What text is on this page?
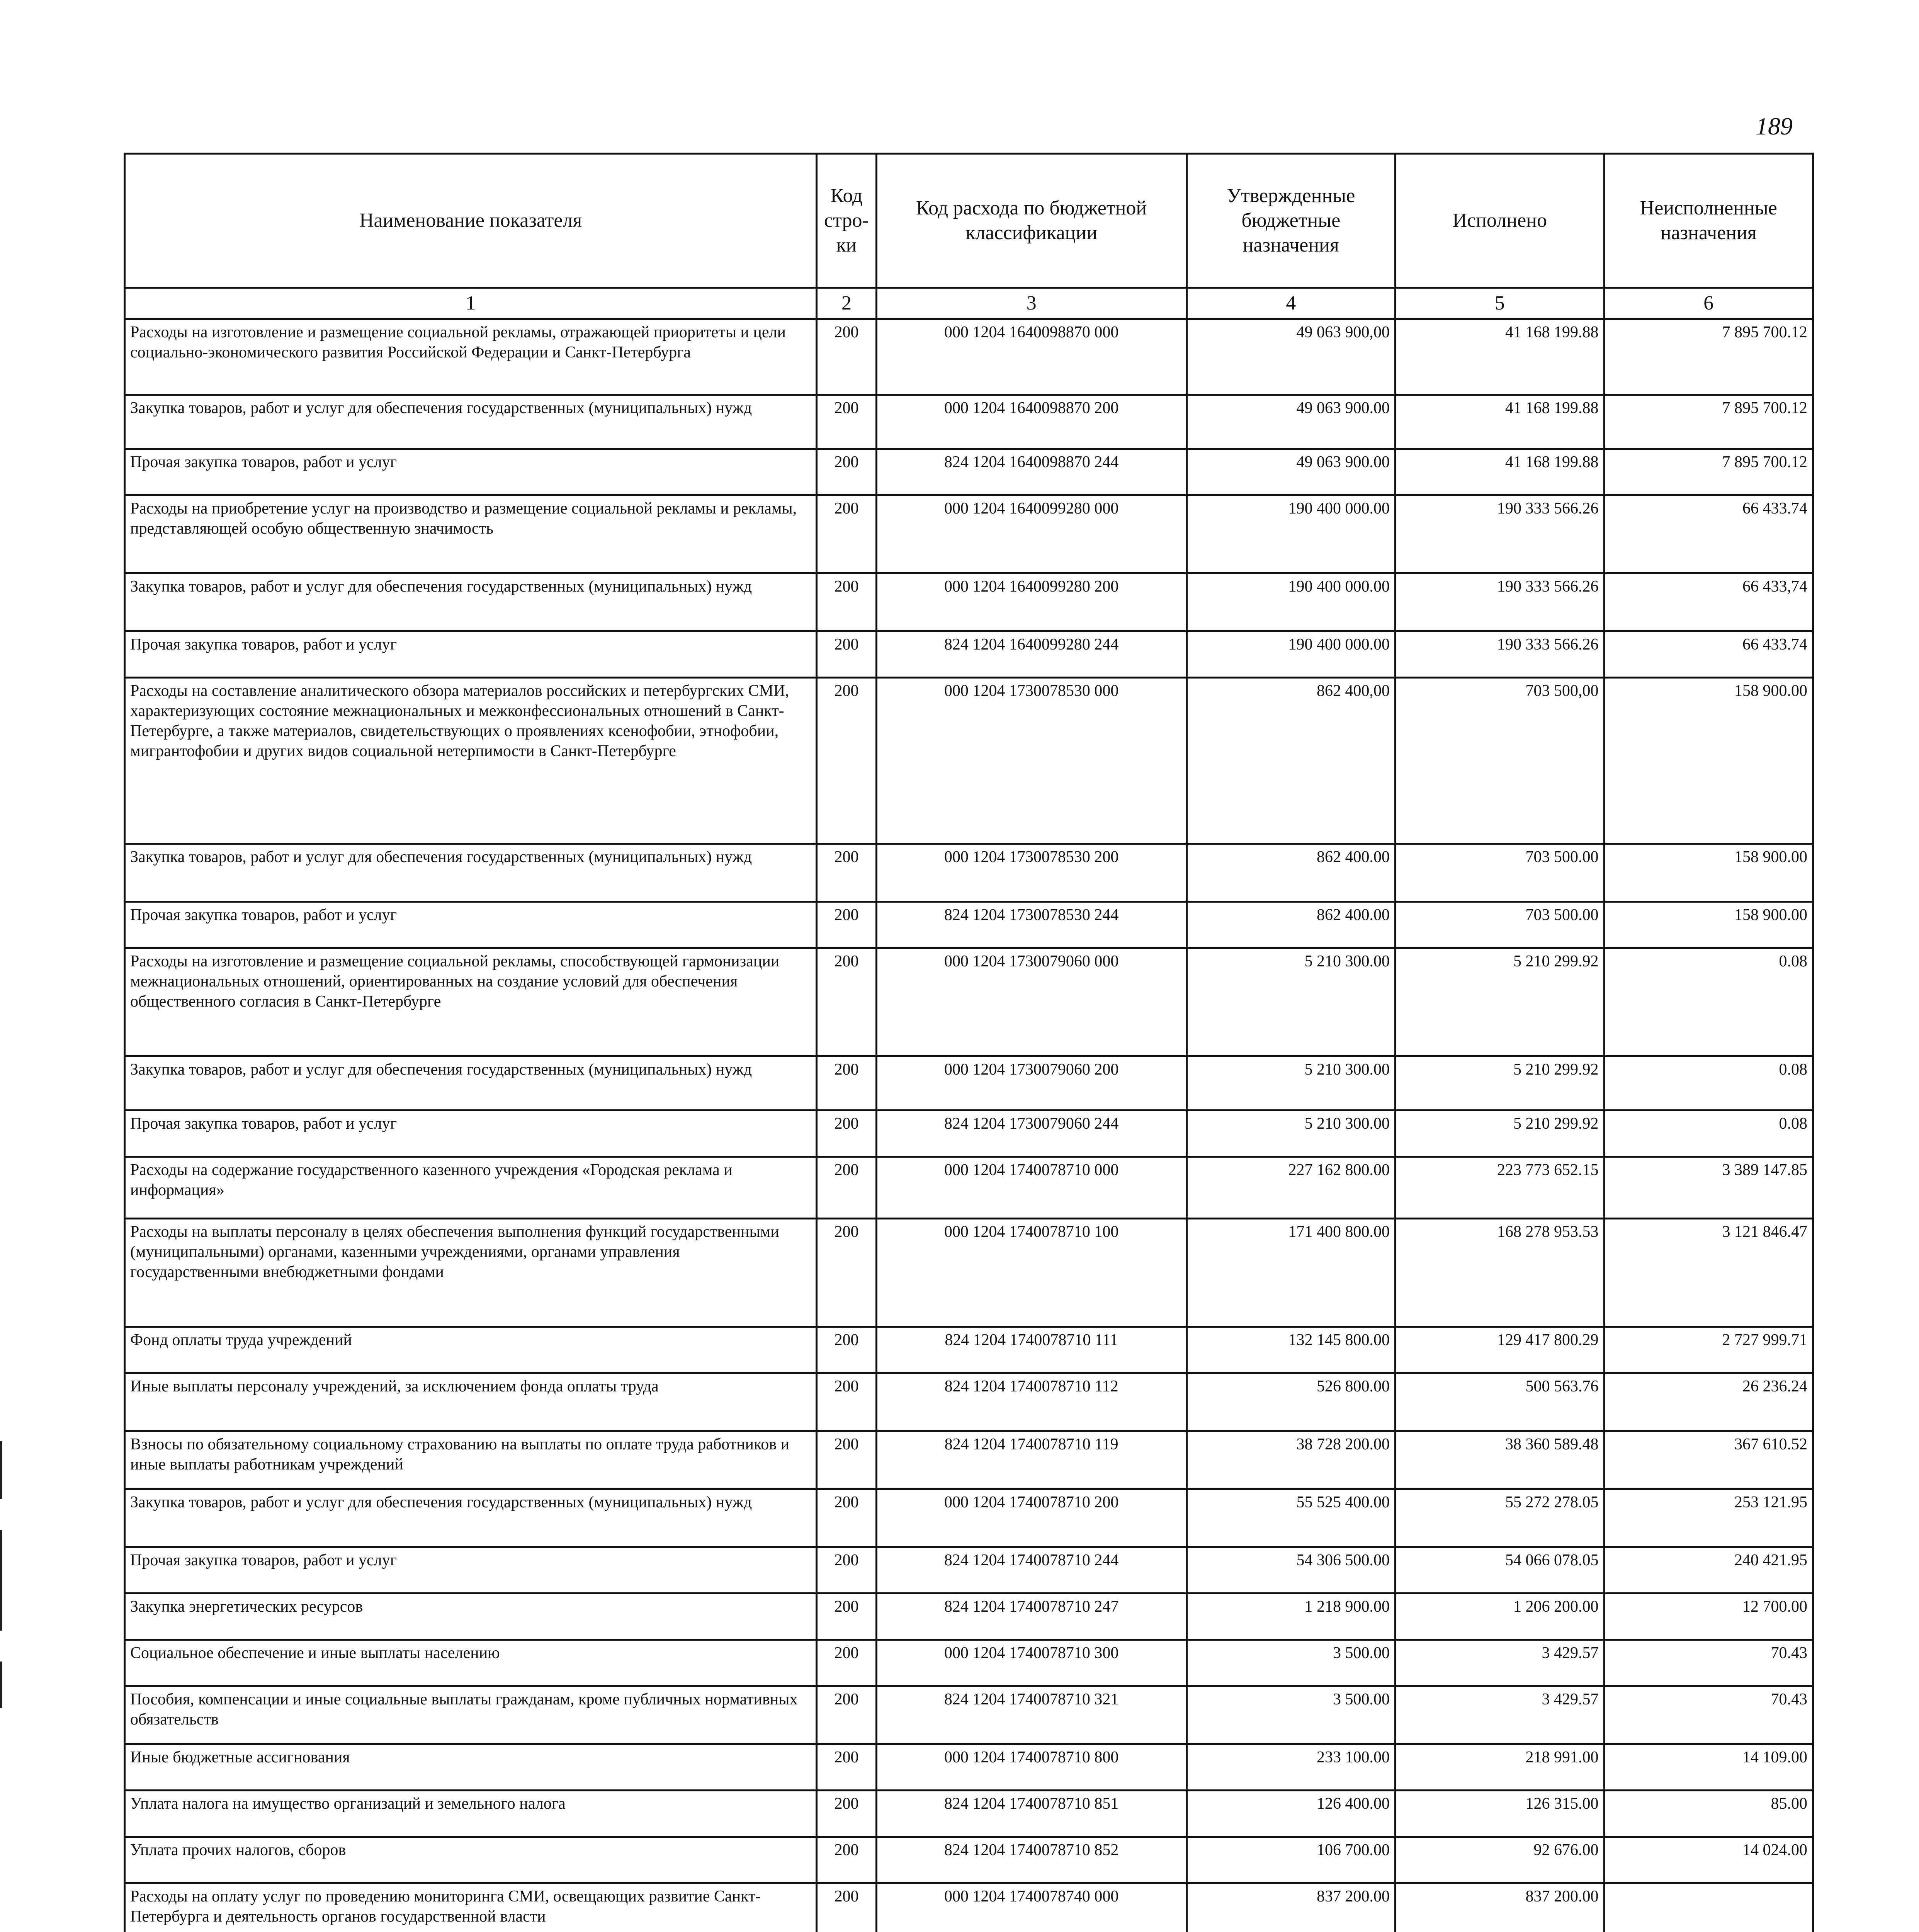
189
Наименование показателя	Код стро-ки	Код расхода по бюджетной классификации	Утвержденные бюджетные назначения	Исполнено	Неисполненные назначения
1	2	3	4	5	6
Расходы на изготовление и размещение социальной рекламы, отражающей приоритеты и цели социально-экономического развития Российской Федерации и Санкт-Петербурга	200	000 1204 1640098870 000	49 063 900,00	41 168 199.88	7 895 700.12
Закупка товаров, работ и услуг для обеспечения государственных (муниципальных) нужд	200	000 1204 1640098870 200	49 063 900.00	41 168 199.88	7 895 700.12
Прочая закупка товаров, работ и услуг	200	824 1204 1640098870 244	49 063 900.00	41 168 199.88	7 895 700.12
Расходы на приобретение услуг на производство и размещение социальной рекламы и рекламы, представляющей особую общественную значимость	200	000 1204 1640099280 000	190 400 000.00	190 333 566.26	66 433.74
Закупка товаров, работ и услуг для обеспечения государственных (муниципальных) нужд	200	000 1204 1640099280 200	190 400 000.00	190 333 566.26	66 433,74
Прочая закупка товаров, работ и услуг	200	824 1204 1640099280 244	190 400 000.00	190 333 566.26	66 433.74
Расходы на составление аналитического обзора материалов российских и петербургских СМИ, характеризующих состояние межнациональных и межконфессиональных отношений в Санкт-Петербурге, а также материалов, свидетельствующих о проявлениях ксенофобии, этнофобии, мигрантофобии и других видов социальной нетерпимости в Санкт-Петербурге	200	000 1204 1730078530 000	862 400,00	703 500,00	158 900.00
Закупка товаров, работ и услуг для обеспечения государственных (муниципальных) нужд	200	000 1204 1730078530 200	862 400.00	703 500.00	158 900.00
Прочая закупка товаров, работ и услуг	200	824 1204 1730078530 244	862 400.00	703 500.00	158 900.00
Расходы на изготовление и размещение социальной рекламы, способствующей гармонизации межнациональных отношений, ориентированных на создание условий для обеспечения общественного согласия в Санкт-Петербурге	200	000 1204 1730079060 000	5 210 300.00	5 210 299.92	0.08
Закупка товаров, работ и услуг для обеспечения государственных (муниципальных) нужд	200	000 1204 1730079060 200	5 210 300.00	5 210 299.92	0.08
Прочая закупка товаров, работ и услуг	200	824 1204 1730079060 244	5 210 300.00	5 210 299.92	0.08
Расходы на содержание государственного казенного учреждения «Городская реклама и информация»	200	000 1204 1740078710 000	227 162 800.00	223 773 652.15	3 389 147.85
Расходы на выплаты персоналу в целях обеспечения выполнения функций государственными (муниципальными) органами, казенными учреждениями, органами управления государственными внебюджетными фондами	200	000 1204 1740078710 100	171 400 800.00	168 278 953.53	3 121 846.47
Фонд оплаты труда учреждений	200	824 1204 1740078710 111	132 145 800.00	129 417 800.29	2 727 999.71
Иные выплаты персоналу учреждений, за исключением фонда оплаты труда	200	824 1204 1740078710 112	526 800.00	500 563.76	26 236.24
Взносы по обязательному социальному страхованию на выплаты по оплате труда работников и иные выплаты работникам учреждений	200	824 1204 1740078710 119	38 728 200.00	38 360 589.48	367 610.52
Закупка товаров, работ и услуг для обеспечения государственных (муниципальных) нужд	200	000 1204 1740078710 200	55 525 400.00	55 272 278.05	253 121.95
Прочая закупка товаров, работ и услуг	200	824 1204 1740078710 244	54 306 500.00	54 066 078.05	240 421.95
Закупка энергетических ресурсов	200	824 1204 1740078710 247	1 218 900.00	1 206 200.00	12 700.00
Социальное обеспечение и иные выплаты населению	200	000 1204 1740078710 300	3 500.00	3 429.57	70.43
Пособия, компенсации и иные социальные выплаты гражданам, кроме публичных нормативных обязательств	200	824 1204 1740078710 321	3 500.00	3 429.57	70.43
Иные бюджетные ассигнования	200	000 1204 1740078710 800	233 100.00	218 991.00	14 109.00
Уплата налога на имущество организаций и земельного налога	200	824 1204 1740078710 851	126 400.00	126 315.00	85.00
Уплата прочих налогов, сборов	200	824 1204 1740078710 852	106 700.00	92 676.00	14 024.00
Расходы на оплату услуг по проведению мониторинга СМИ, освещающих развитие Санкт-Петербурга и деятельность органов государственной власти	200	000 1204 1740078740 000	837 200.00	837 200.00	
